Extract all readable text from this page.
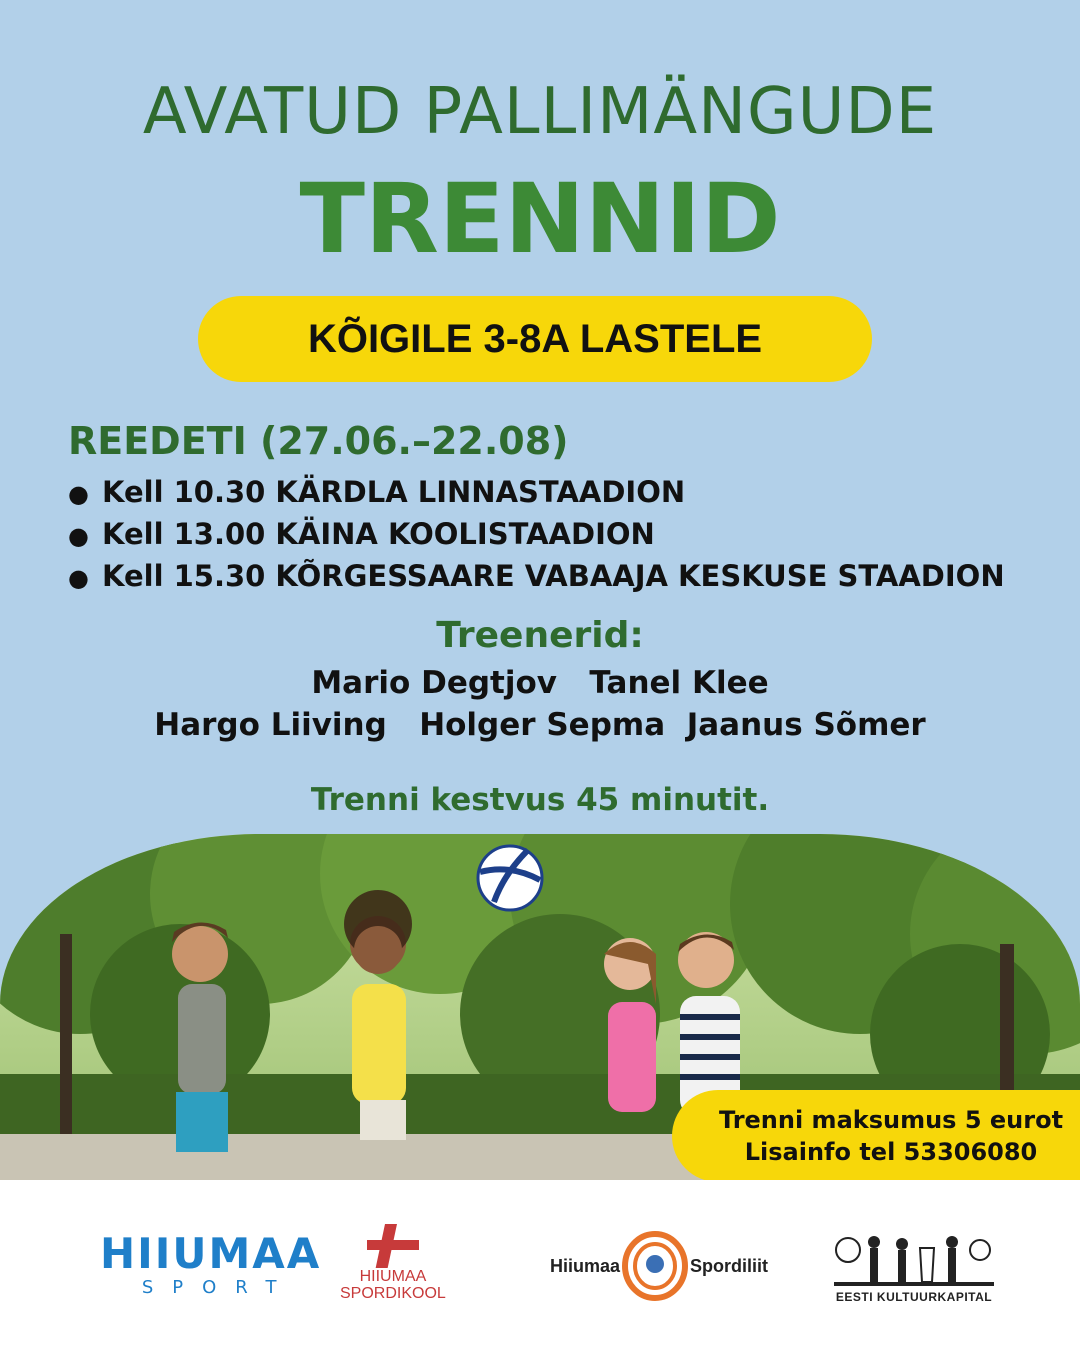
AVATUD PALLIMÄNGUDE
TRENNID
KÕIGILE 3-8A LASTELE
REEDETI (27.06.–22.08)
● Kell 10.30 KÄRDLA LINNASTAADION
● Kell 13.00 KÄINA KOOLISTAADION
● Kell 15.30 KÕRGESSAARE VABAAJA KESKUSE STAADION
Treenerid:
Mario Degtjov   Tanel Klee
Hargo Liiving   Holger Sepma  Jaanus Sõmer
Trenni kestvus 45 minutit.
Trenni maksumus 5 eurot
Lisainfo tel 53306080
HIIUMAA
SPORT
HIIUMAA
SPORDIKOOL
Hiiumaa	Spordiliit
EESTI KULTUURKAPITAL
